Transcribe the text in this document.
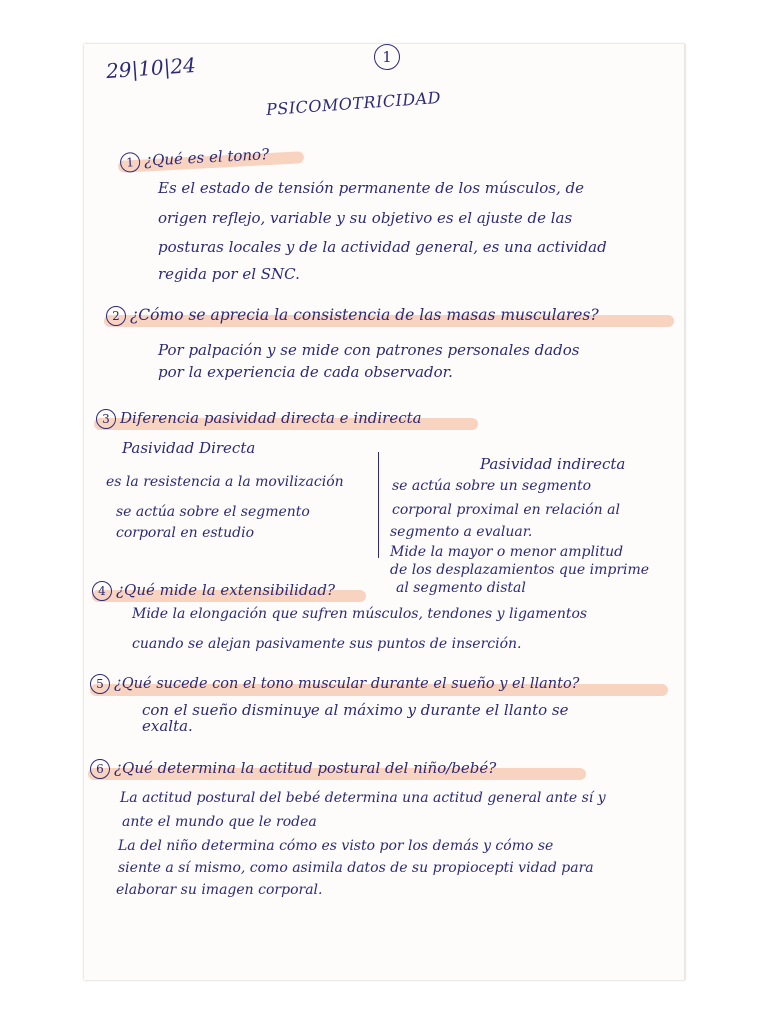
29|10|24	1
PSICOMOTRICIDAD
1 ¿Qué es el tono?
Es el estado de tensión permanente de los músculos, de
origen reflejo, variable y su objetivo es el ajuste de las
posturas locales y de la actividad general, es una actividad
regida por el SNC.
2 ¿Cómo se aprecia la consistencia de las masas musculares?
Por palpación y se mide con patrones personales dados
por la experiencia de cada observador.
3 Diferencia pasividad directa e indirecta
Pasividad Directa
es la resistencia a la movilización
se actúa sobre el segmento
corporal en estudio
Pasividad indirecta
se actúa sobre un segmento
corporal proximal en relación al
segmento a evaluar.
Mide la mayor o menor amplitud
de los desplazamientos que imprime
al segmento distal
4 ¿Qué mide la extensibilidad?
Mide la elongación que sufren músculos, tendones y ligamentos
cuando se alejan pasivamente sus puntos de inserción.
5 ¿Qué sucede con el tono muscular durante el sueño y el llanto?
con el sueño disminuye al máximo y durante el llanto se
exalta.
6 ¿Qué determina la actitud postural del niño/bebé?
La actitud postural del bebé determina una actitud general ante sí y
ante el mundo que le rodea
La del niño determina cómo es visto por los demás y cómo se
siente a sí mismo, como asimila datos de su propiocepti vidad para
elaborar su imagen corporal.
